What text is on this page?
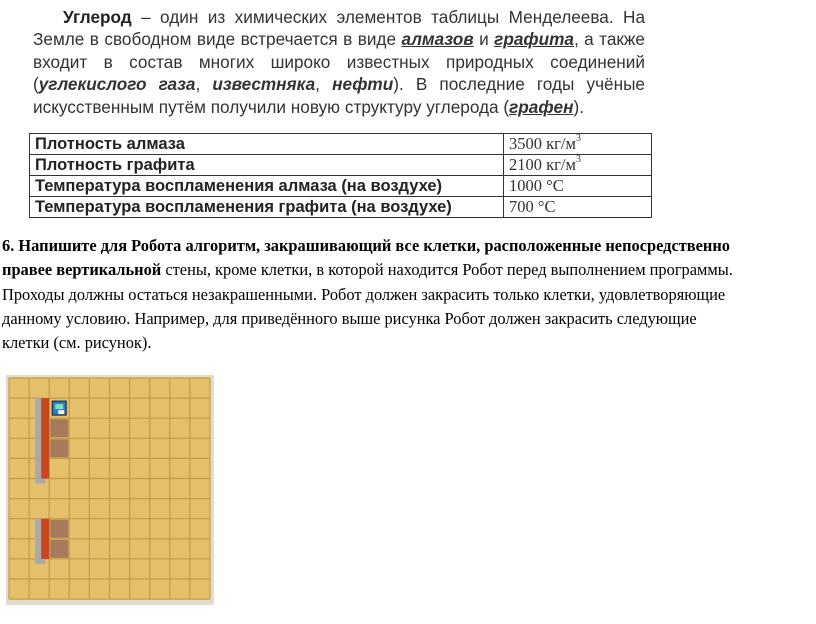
Углерод – один из химических элементов таблицы Менделеева. На Земле в свободном виде встречается в виде алмазов и графита, а также входит в состав многих широко известных природных соединений (углекислого газа, известняка, нефти). В последние годы учёные искусственным путём получили новую структуру углерода (графен).

Плотность алмаза	3500 $кг/м^3$
Плотность графита	2100 $кг/м^3$
Температура воспламенения алмаза (на воздухе)	1000 °C
Температура воспламенения графита (на воздухе)	700 °C

6. Напишите для Робота алгоритм, закрашивающий все клетки, расположенные непосредственно

правее вертикальной стены, кроме клетки, в которой находится Робот перед выполнением программы.

Проходы должны остаться незакрашенными. Робот должен закрасить только клетки, удовлетворяющие

данному условию. Например, для приведённого выше рисунка Робот должен закрасить следующие

клетки (см. рисунок).
